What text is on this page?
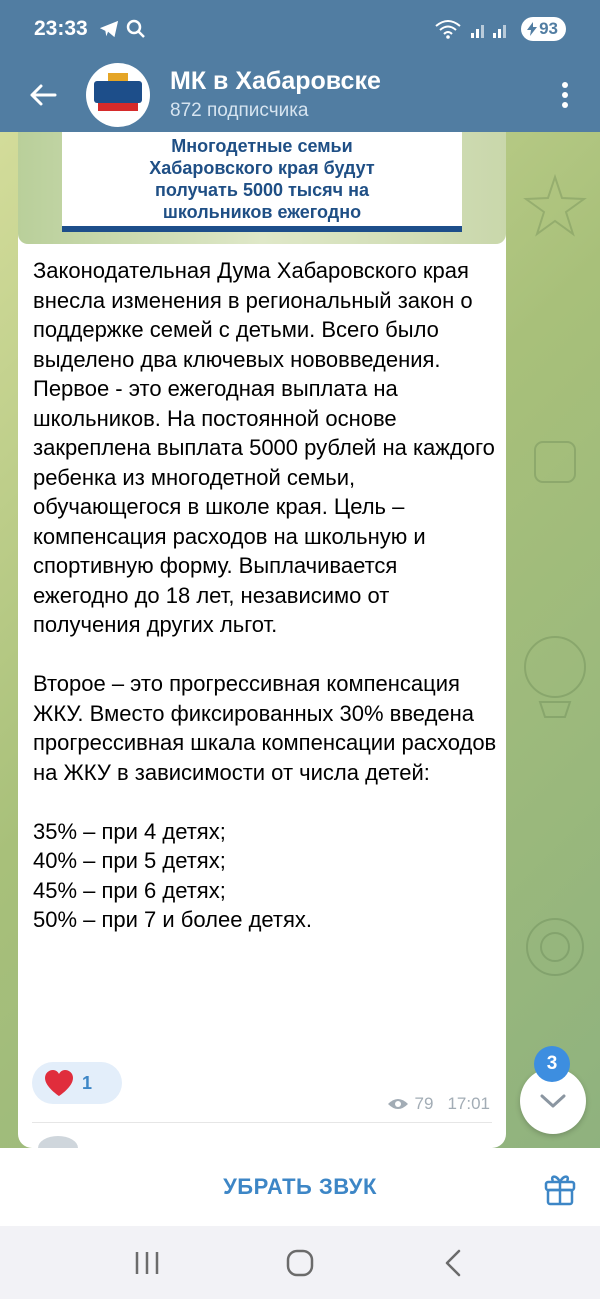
23:33	93
МК в Хабаровске
872 подписчика
Многодетные семьи
Хабаровского края будут
получать 5000 тысяч на
школьников ежегодно

Законодательная Дума Хабаровского края внесла изменения в региональный закон о поддержке семей с детьми. Всего было выделено два ключевых нововведения.

Первое - это ежегодная выплата на школьников. На постоянной основе закреплена выплата 5000 рублей на каждого ребенка из многодетной семьи, обучающегося в школе края. Цель – компенсация расходов на школьную и спортивную форму. Выплачивается ежегодно до 18 лет, независимо от получения других льгот.

Второе – это прогрессивная компенсация ЖКУ. Вместо фиксированных 30% введена прогрессивная шкала компенсации расходов на ЖКУ в зависимости от числа детей:

35% – при 4 детях;

40% – при 5 детях;

45% – при 6 детях;

50% – при 7 и более детях.

1
79 17:01
3
УБРАТЬ ЗВУК
